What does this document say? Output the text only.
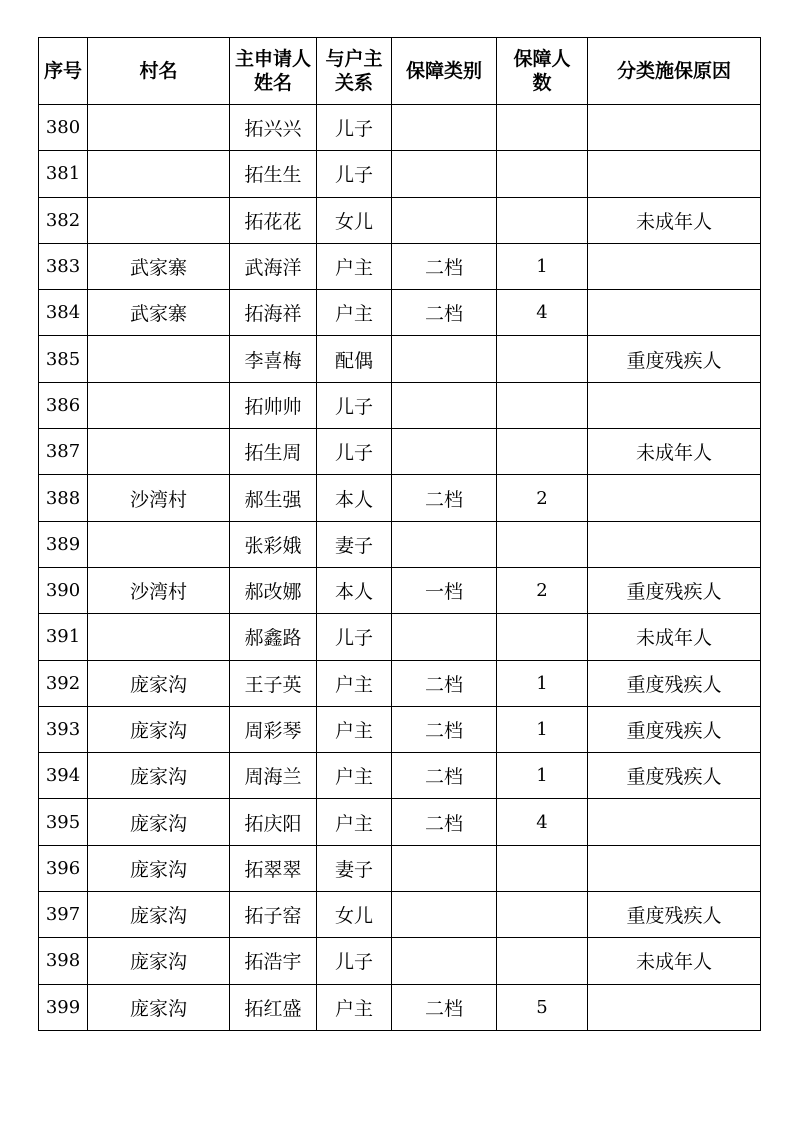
序号	村名	主申请人姓名	与户主关系	保障类别	保障人数	分类施保原因
380		拓兴兴	儿子			
381		拓生生	儿子			
382		拓花花	女儿			未成年人
383	武家寨	武海洋	户主	二档	1	
384	武家寨	拓海祥	户主	二档	4	
385		李喜梅	配偶			重度残疾人
386		拓帅帅	儿子			
387		拓生周	儿子			未成年人
388	沙湾村	郝生强	本人	二档	2	
389		张彩娥	妻子			
390	沙湾村	郝改娜	本人	一档	2	重度残疾人
391		郝鑫路	儿子			未成年人
392	庞家沟	王子英	户主	二档	1	重度残疾人
393	庞家沟	周彩琴	户主	二档	1	重度残疾人
394	庞家沟	周海兰	户主	二档	1	重度残疾人
395	庞家沟	拓庆阳	户主	二档	4	
396	庞家沟	拓翠翠	妻子			
397	庞家沟	拓子窑	女儿			重度残疾人
398	庞家沟	拓浩宇	儿子			未成年人
399	庞家沟	拓红盛	户主	二档	5	
